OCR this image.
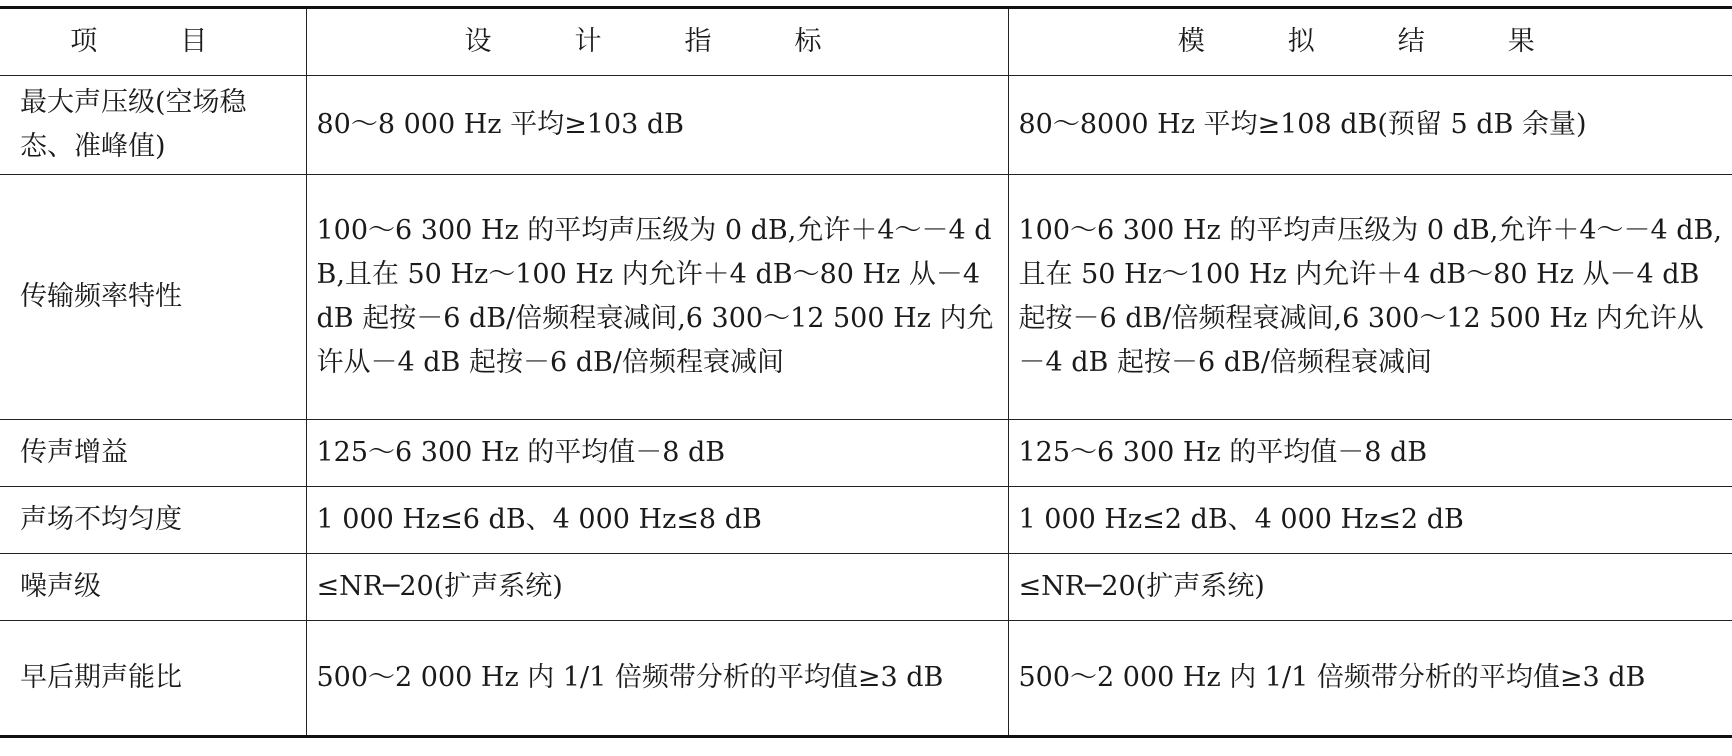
项　目	设　计　指　标	模　拟　结　果
最大声压级(空场稳态、准峰值)	80～8 000 Hz 平均≥103 dB	80～8000 Hz 平均≥108 dB(预留 5 dB 余量)
传输频率特性	100～6 300 Hz 的平均声压级为 0 dB,允许＋4～－4 dB,且在 50 Hz～100 Hz 内允许＋4 dB～80 Hz 从－4 dB 起按－6 dB/倍频程衰减间,6 300～12 500 Hz 内允许从－4 dB 起按－6 dB/倍频程衰减间	100～6 300 Hz 的平均声压级为 0 dB,允许＋4～－4 dB,且在 50 Hz～100 Hz 内允许＋4 dB～80 Hz 从－4 dB 起按－6 dB/倍频程衰减间,6 300～12 500 Hz 内允许从－4 dB 起按－6 dB/倍频程衰减间
传声增益	125～6 300 Hz 的平均值－8 dB	125～6 300 Hz 的平均值－8 dB
声场不均匀度	1 000 Hz≤6 dB、4 000 Hz≤8 dB	1 000 Hz≤2 dB、4 000 Hz≤2 dB
噪声级	≤NR─20(扩声系统)	≤NR─20(扩声系统)
早后期声能比	500～2 000 Hz 内 1/1 倍频带分析的平均值≥3 dB	500～2 000 Hz 内 1/1 倍频带分析的平均值≥3 dB
